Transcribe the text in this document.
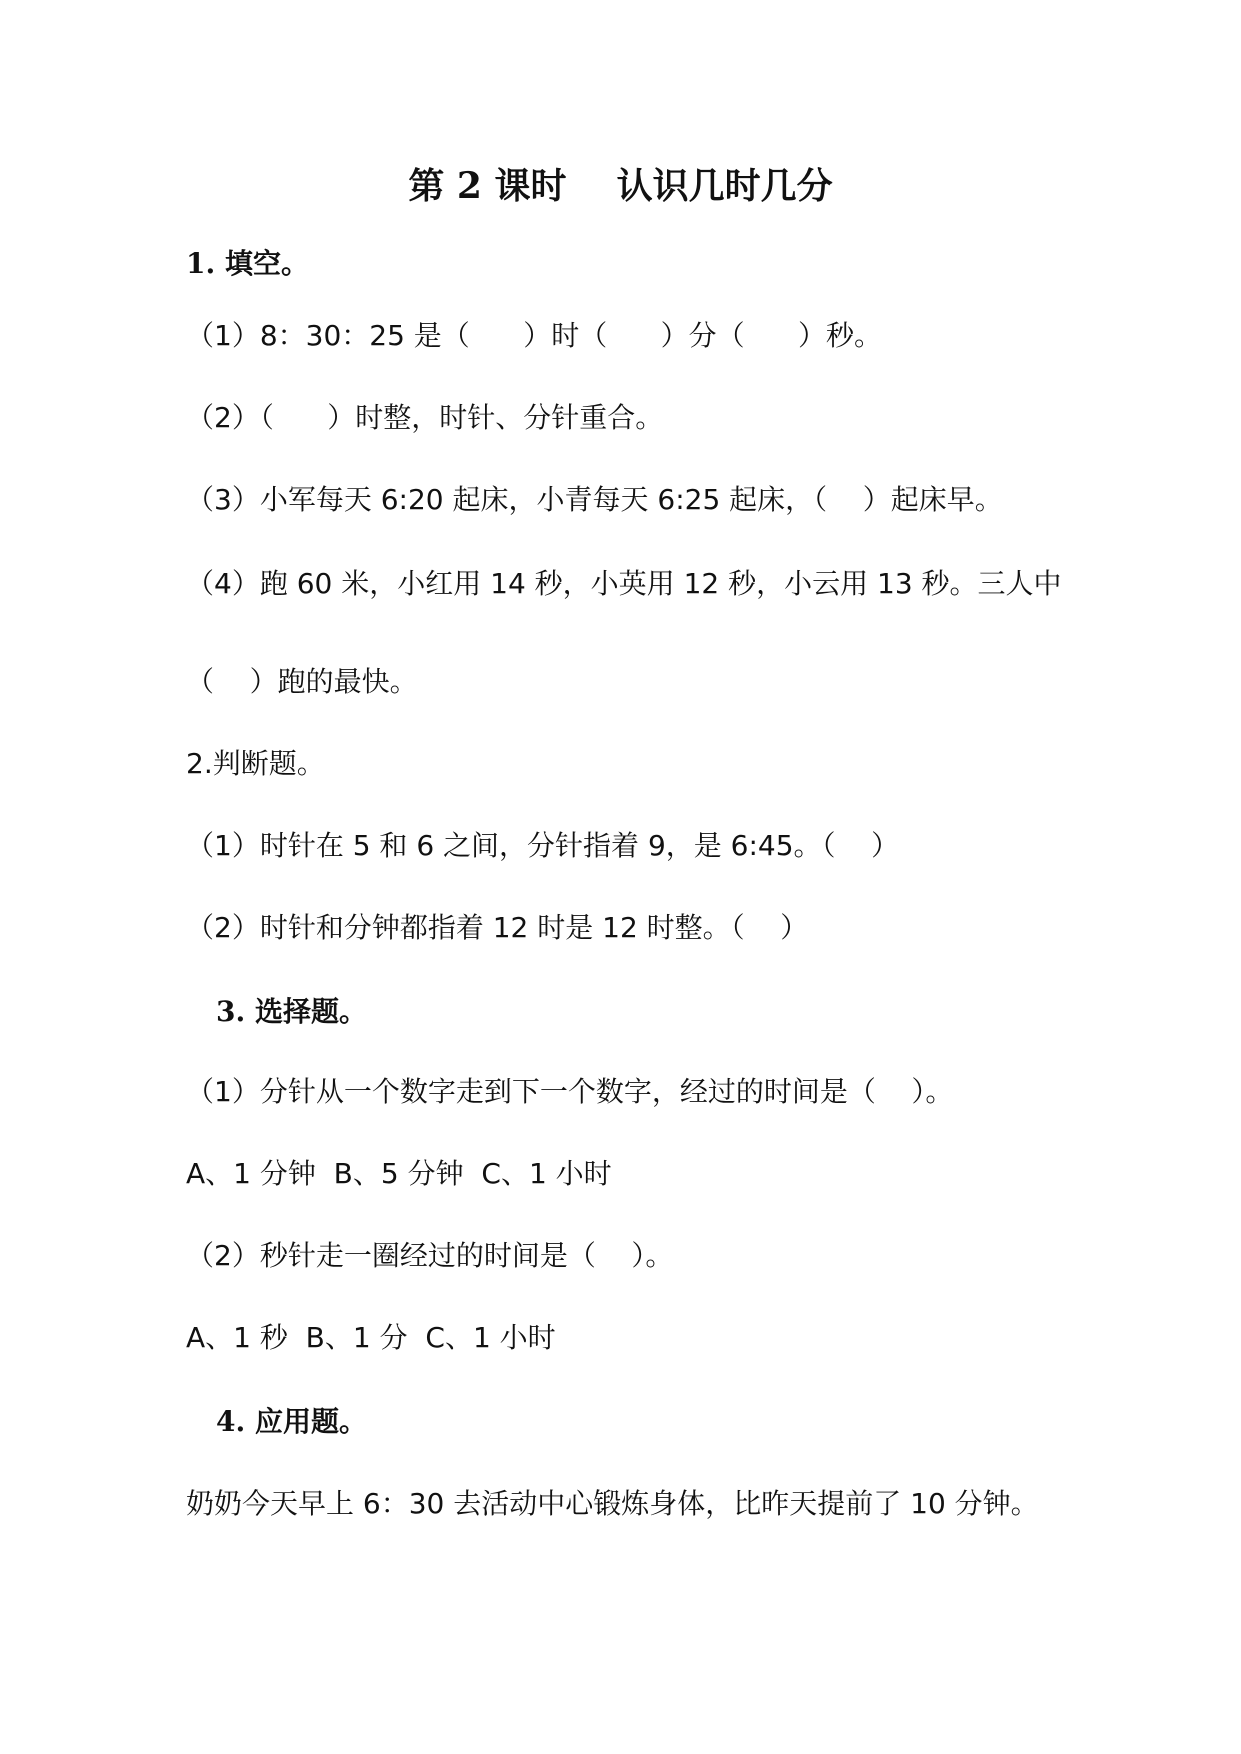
第 2 课时    认识几时几分
1. 填空。
（1）8：30：25 是（      ）时（      ）分（      ）秒。
（2）（      ）时整，时针、分针重合。
（3）小军每天 6:20 起床，小青每天 6:25 起床，（    ）起床早。
（4）跑 60 米，小红用 14 秒，小英用 12 秒，小云用 13 秒。三人中
（    ）跑的最快。
2.判断题。
（1）时针在 5 和 6 之间，分针指着 9，是 6:45。（    ）
（2）时针和分钟都指着 12 时是 12 时整。（    ）
3. 选择题。
（1）分针从一个数字走到下一个数字，经过的时间是（    ）。
A、1 分钟  B、5 分钟  C、1 小时
（2）秒针走一圈经过的时间是（    ）。
A、1 秒  B、1 分  C、1 小时
4. 应用题。
奶奶今天早上 6：30 去活动中心锻炼身体，比昨天提前了 10 分钟。
